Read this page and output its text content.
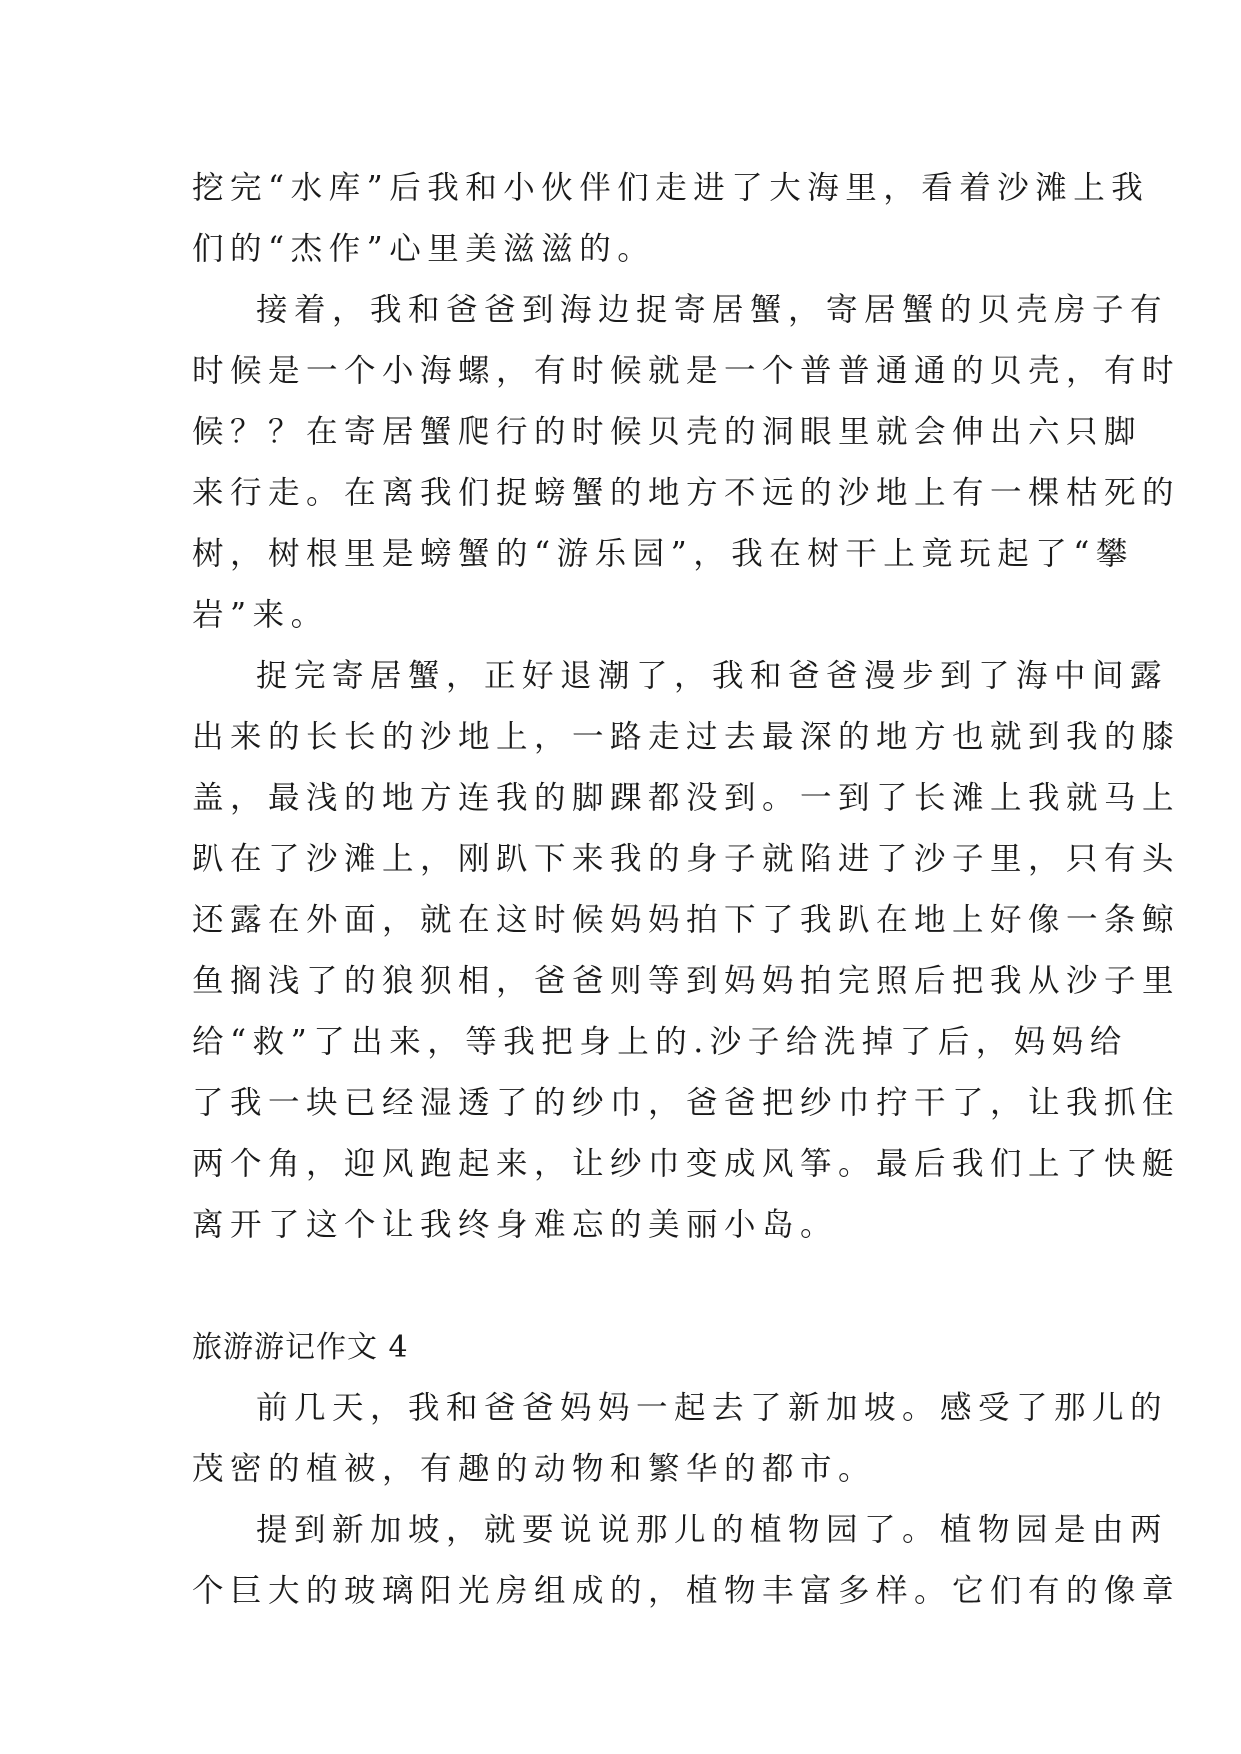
挖完“水库”后我和小伙伴们走进了大海里，看着沙滩上我
们的“杰作”心里美滋滋的。
接着，我和爸爸到海边捉寄居蟹，寄居蟹的贝壳房子有
时候是一个小海螺，有时候就是一个普普通通的贝壳，有时
候？？在寄居蟹爬行的时候贝壳的洞眼里就会伸出六只脚
来行走。在离我们捉螃蟹的地方不远的沙地上有一棵枯死的
树，树根里是螃蟹的“游乐园”，我在树干上竟玩起了“攀
岩”来。
捉完寄居蟹，正好退潮了，我和爸爸漫步到了海中间露
出来的长长的沙地上，一路走过去最深的地方也就到我的膝
盖，最浅的地方连我的脚踝都没到。一到了长滩上我就马上
趴在了沙滩上，刚趴下来我的身子就陷进了沙子里，只有头
还露在外面，就在这时候妈妈拍下了我趴在地上好像一条鲸
鱼搁浅了的狼狈相，爸爸则等到妈妈拍完照后把我从沙子里
给“救”了出来，等我把身上的.沙子给洗掉了后，妈妈给
了我一块已经湿透了的纱巾，爸爸把纱巾拧干了，让我抓住
两个角，迎风跑起来，让纱巾变成风筝。最后我们上了快艇
离开了这个让我终身难忘的美丽小岛。
旅游游记作文 4
前几天，我和爸爸妈妈一起去了新加坡。感受了那儿的
茂密的植被，有趣的动物和繁华的都市。
提到新加坡，就要说说那儿的植物园了。植物园是由两
个巨大的玻璃阳光房组成的，植物丰富多样。它们有的像章
